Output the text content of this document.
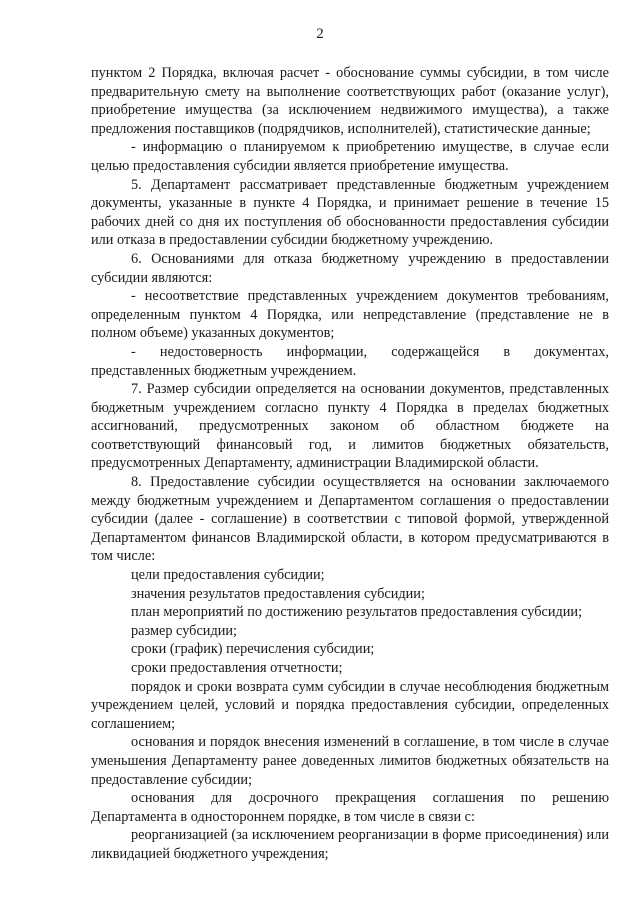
2

пунктом 2 Порядка, включая расчет - обоснование суммы субсидии, в том числе предварительную смету на выполнение соответствующих работ (оказание услуг), приобретение имущества (за исключением недвижимого имущества), а также предложения поставщиков (подрядчиков, исполнителей), статистические данные;

- информацию о планируемом к приобретению имуществе, в случае если целью предоставления субсидии является приобретение имущества.

5. Департамент рассматривает представленные бюджетным учреждением документы, указанные в пункте 4 Порядка, и принимает решение в течение 15 рабочих дней со дня их поступления об обоснованности предоставления субсидии или отказа в предоставлении субсидии бюджетному учреждению.

6. Основаниями для отказа бюджетному учреждению в предоставлении субсидии являются:

- несоответствие представленных учреждением документов требованиям, определенным пунктом 4 Порядка, или непредставление (представление не в полном объеме) указанных документов;

- недостоверность информации, содержащейся в документах, представленных бюджетным учреждением.

7. Размер субсидии определяется на основании документов, представленных бюджетным учреждением согласно пункту 4 Порядка в пределах бюджетных ассигнований, предусмотренных законом об областном бюджете на соответствующий финансовый год, и лимитов бюджетных обязательств, предусмотренных Департаменту, администрации Владимирской области.

8. Предоставление субсидии осуществляется на основании заключаемого между бюджетным учреждением и Департаментом соглашения о предоставлении субсидии (далее - соглашение) в соответствии с типовой формой, утвержденной Департаментом финансов Владимирской области, в котором предусматриваются в том числе:

цели предоставления субсидии;

значения результатов предоставления субсидии;

план мероприятий по достижению результатов предоставления субсидии;

размер субсидии;

сроки (график) перечисления субсидии;

сроки предоставления отчетности;

порядок и сроки возврата сумм субсидии в случае несоблюдения бюджетным учреждением целей, условий и порядка предоставления субсидии, определенных соглашением;

основания и порядок внесения изменений в соглашение, в том числе в случае уменьшения Департаменту ранее доведенных лимитов бюджетных обязательств на предоставление субсидии;

основания для досрочного прекращения соглашения по решению Департамента в одностороннем порядке, в том числе в связи с:

реорганизацией (за исключением реорганизации в форме присоединения) или ликвидацией бюджетного учреждения;
